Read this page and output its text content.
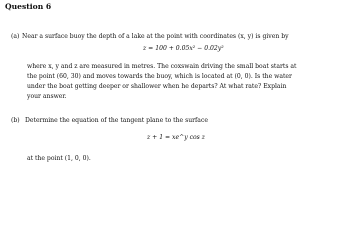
Question 6
(a) Near a surface buoy the depth of a lake at the point with coordinates (x, y) is given by
z = 100 + 0.05x² − 0.02y²
where x, y and z are measured in metres. The coxswain driving the small boat starts at
the point (60, 30) and moves towards the buoy, which is located at (0, 0). Is the water
under the boat getting deeper or shallower when he departs? At what rate? Explain
your answer.
(b) Determine the equation of the tangent plane to the surface
z + 1 = xe^y cos z
at the point (1, 0, 0).
